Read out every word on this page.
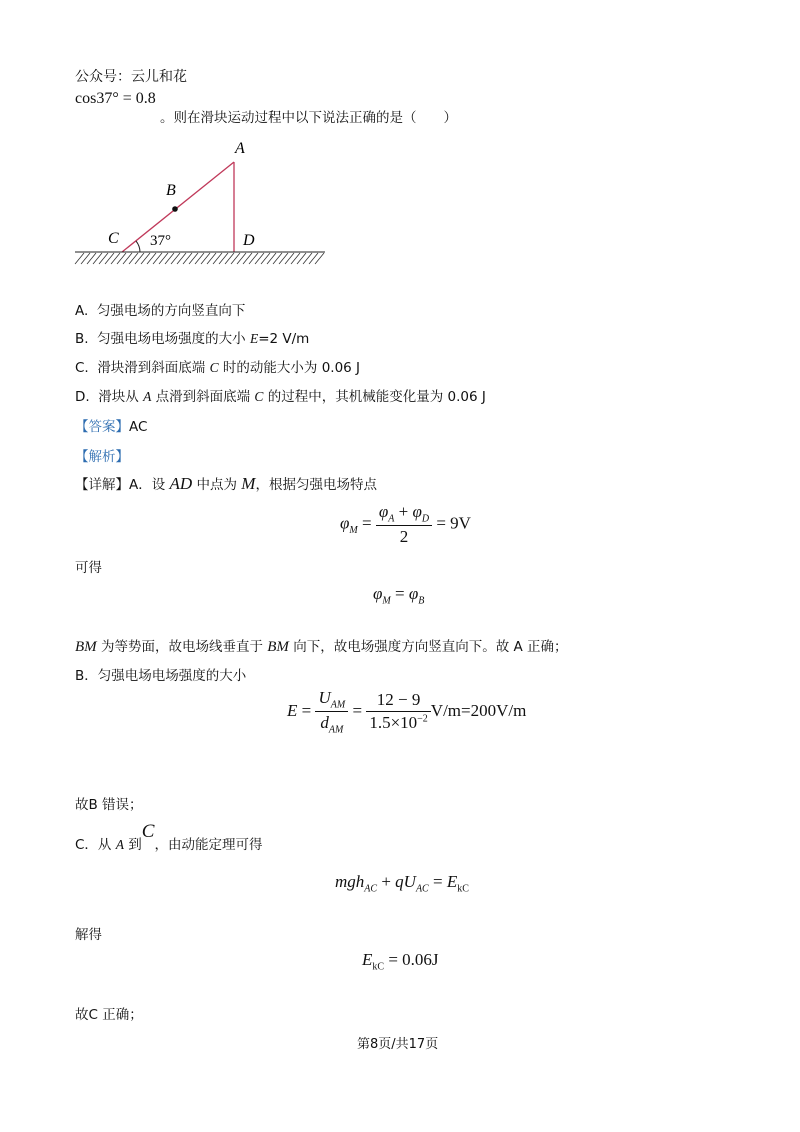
公众号：云儿和花
cos37° = 0.8
。则在滑块运动过程中以下说法正确的是（　　）
A
B
C	D
37°
A. 匀强电场的方向竖直向下
B. 匀强电场电场强度的大小 E=2 V/m
C. 滑块滑到斜面底端 C 时的动能大小为 0.06 J
D. 滑块从 A 点滑到斜面底端 C 的过程中，其机械能变化量为 0.06 J
【答案】AC
【解析】
【详解】A．设 AD 中点为 M，根据匀强电场特点
$\varphi_M = \frac{\varphi_A + \varphi_D}{2} = 9V$
可得
$\varphi_M = \varphi_B$
BM 为等势面，故电场线垂直于 BM 向下，故电场强度方向竖直向下。故 A 正确；
B．匀强电场电场强度的大小
$E = \frac{U_{AM}}{d_{AM}} = \frac{12 - 9}{1.5\times 10^{-2}} V/m=200V/m$
故B 错误；
C．从 A 到C，由动能定理可得
$mgh_{AC} + qU_{AC} = E_{kC}$
解得
$E_{kC} = 0.06J$
故C 正确；
第8页/共17页
